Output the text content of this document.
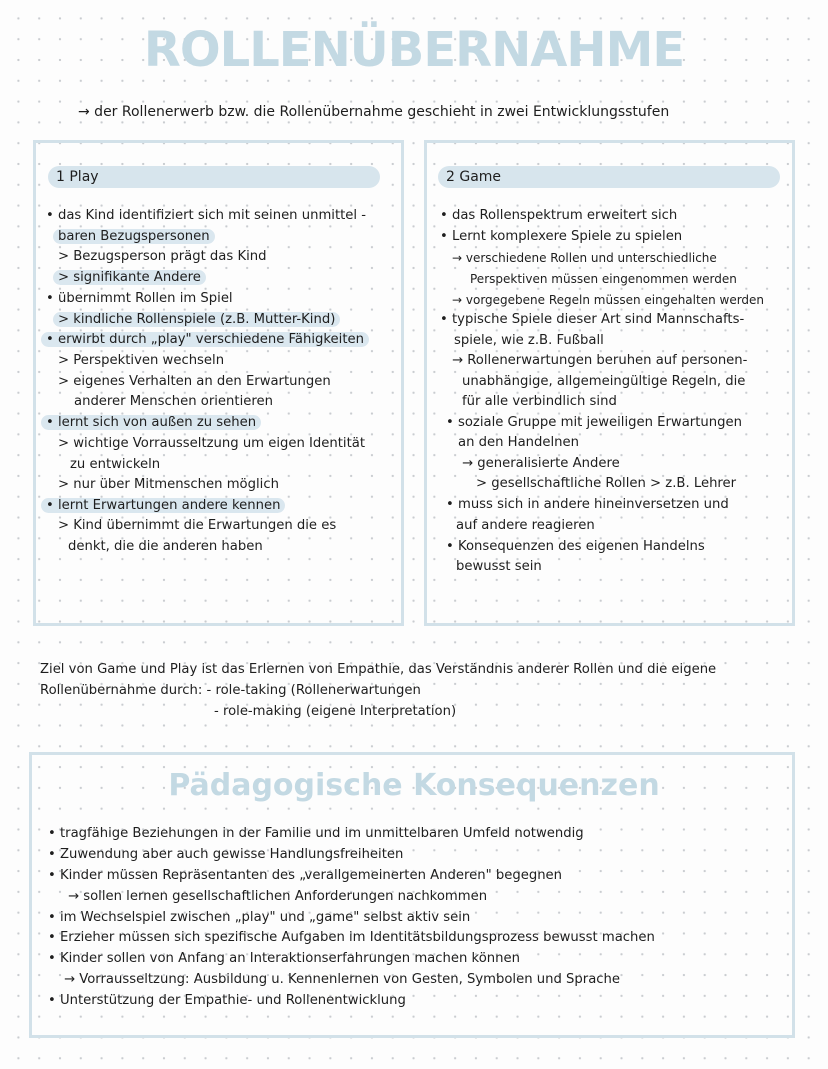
ROLLENÜBERNAHME
→ der Rollenerwerb bzw. die Rollenübernahme geschieht in zwei Entwicklungsstufen
1 Play
• das Kind identifiziert sich mit seinen unmittel -
baren Bezugspersonen
> Bezugsperson prägt das Kind
> signifikante Andere
• übernimmt Rollen im Spiel
> kindliche Rollenspiele (z.B. Mutter-Kind)
• erwirbt durch „play" verschiedene Fähigkeiten
> Perspektiven wechseln
> eigenes Verhalten an den Erwartungen
anderer Menschen orientieren
• lernt sich von außen zu sehen
> wichtige Vorrausseltzung um eigen Identität
zu entwickeln
> nur über Mitmenschen möglich
• lernt Erwartungen andere kennen
> Kind übernimmt die Erwartungen die es
denkt, die die anderen haben
2 Game
• das Rollenspektrum erweitert sich
• Lernt komplexere Spiele zu spielen
→ verschiedene Rollen und unterschiedliche
Perspektiven müssen eingenommen werden
→ vorgegebene Regeln müssen eingehalten werden
• typische Spiele dieser Art sind Mannschafts-
spiele, wie z.B. Fußball
→ Rollenerwartungen beruhen auf personen-
unabhängige, allgemeingültige Regeln, die
für alle verbindlich sind
• soziale Gruppe mit jeweiligen Erwartungen
an den Handelnen
→ generalisierte Andere
> gesellschaftliche Rollen > z.B. Lehrer
• muss sich in andere hineinversetzen und
auf andere reagieren
• Konsequenzen des eigenen Handelns
bewusst sein
Ziel von Game und Play ist das Erlernen von Empathie, das Verständnis anderer Rollen und die eigene
Rollenübernahme durch: - role-taking (Rollenerwartungen
- role-making (eigene Interpretation)
Pädagogische Konsequenzen
• tragfähige Beziehungen in der Familie und im unmittelbaren Umfeld notwendig
• Zuwendung aber auch gewisse Handlungsfreiheiten
• Kinder müssen Repräsentanten des „verallgemeinerten Anderen" begegnen
→ sollen lernen gesellschaftlichen Anforderungen nachkommen
• im Wechselspiel zwischen „play" und „game" selbst aktiv sein
• Erzieher müssen sich spezifische Aufgaben im Identitätsbildungsprozess bewusst machen
• Kinder sollen von Anfang an Interaktionserfahrungen machen können
→ Vorrausseltzung: Ausbildung u. Kennenlernen von Gesten, Symbolen und Sprache
• Unterstützung der Empathie- und Rollenentwicklung
